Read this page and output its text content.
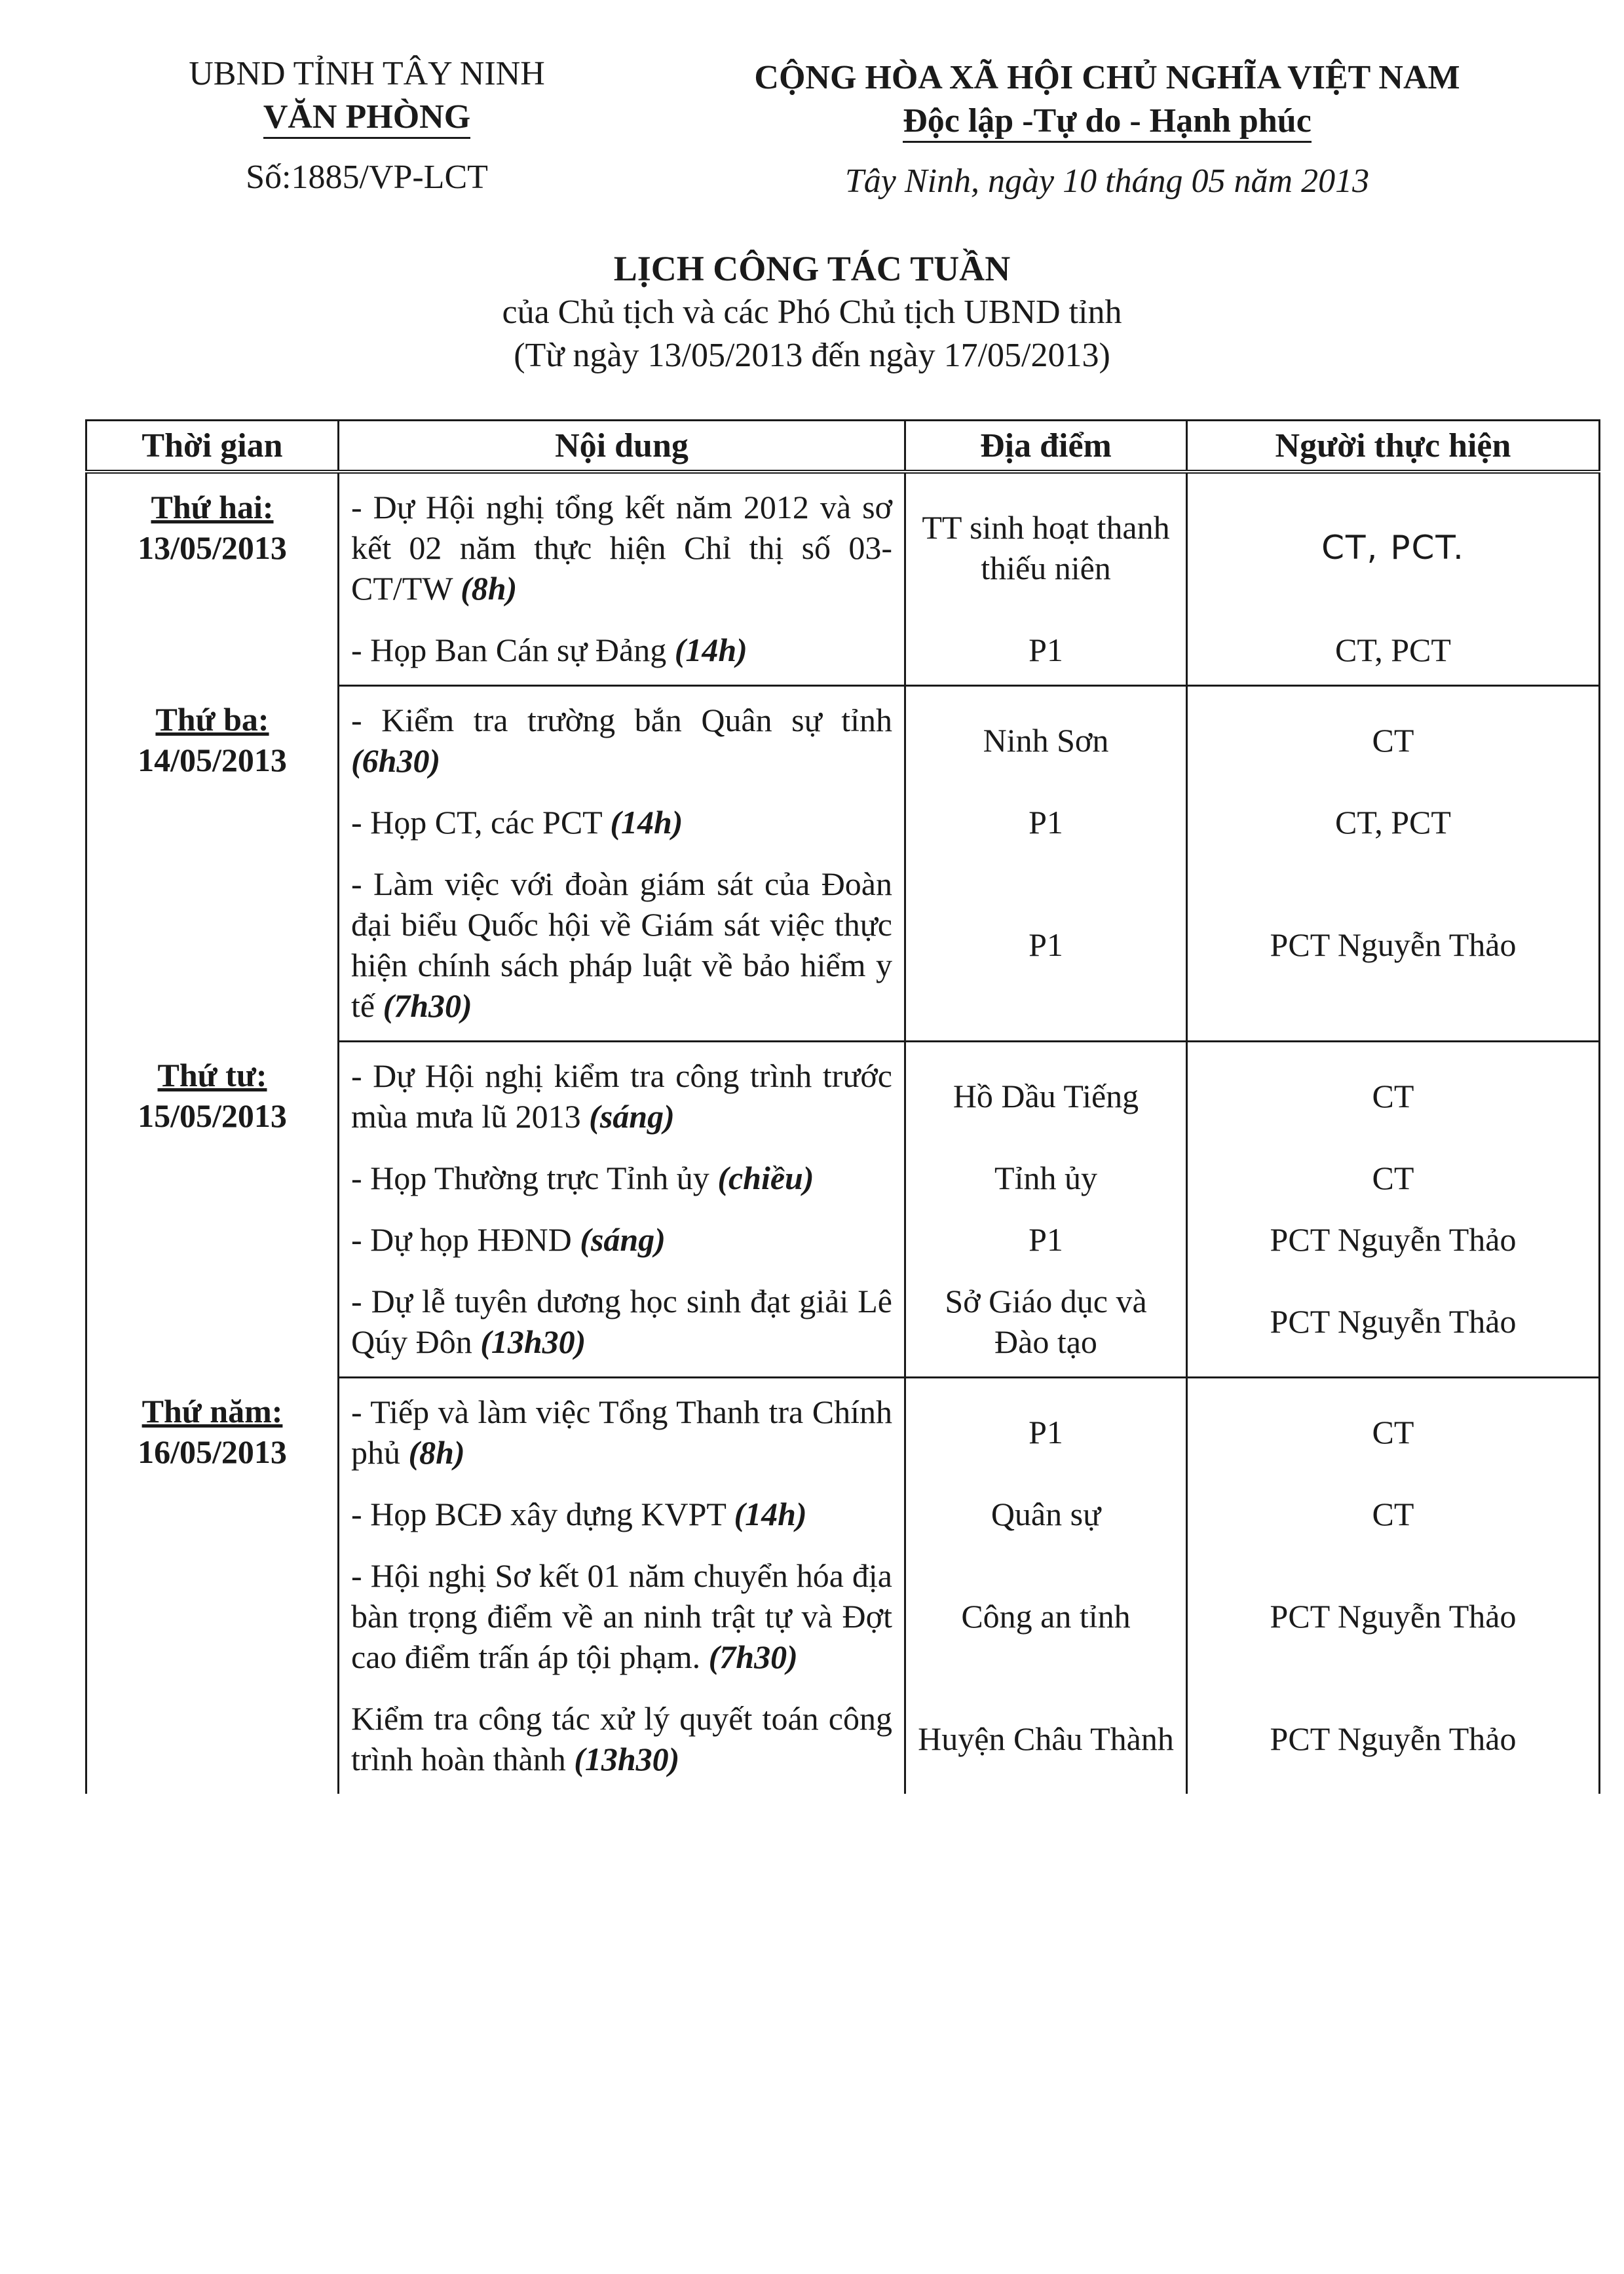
UBND TỈNH TÂY NINH
VĂN PHÒNG
Số:1885/VP-LCT
CỘNG HÒA XÃ HỘI CHỦ NGHĨA VIỆT NAM
Độc lập -Tự do - Hạnh phúc
Tây Ninh, ngày 10 tháng 05 năm 2013
LỊCH CÔNG TÁC TUẦN
của Chủ tịch và các Phó Chủ tịch UBND tỉnh
(Từ ngày 13/05/2013 đến ngày 17/05/2013)
Thời gian	Nội dung	Địa điểm	Người thực hiện

Thứ hai:
13/05/2013	- Dự Hội nghị tổng kết năm 2012 và sơ kết 02 năm thực hiện Chỉ thị số 03-CT/TW (8h)	TT sinh hoạt thanh thiếu niên	CT, PCT.
	- Họp Ban Cán sự Đảng (14h)	P1	CT, PCT

Thứ ba:
14/05/2013	- Kiểm tra trường bắn Quân sự tỉnh (6h30)	Ninh Sơn	CT
	- Họp CT, các PCT (14h)	P1	CT, PCT
	- Làm việc với đoàn giám sát của Đoàn đại biểu Quốc hội về Giám sát việc thực hiện chính sách pháp luật về bảo hiểm y tế (7h30)	P1	PCT Nguyễn Thảo

Thứ tư:
15/05/2013	- Dự Hội nghị kiểm tra công trình trước mùa mưa lũ 2013 (sáng)	Hồ Dầu Tiếng	CT
	- Họp Thường trực Tỉnh ủy (chiều)	Tỉnh ủy	CT
	- Dự họp HĐND (sáng)	P1	PCT Nguyễn Thảo
	- Dự lễ tuyên dương học sinh đạt giải Lê Qúy Đôn (13h30)	Sở Giáo dục và Đào tạo	PCT Nguyễn Thảo

Thứ năm:
16/05/2013	- Tiếp và làm việc Tổng Thanh tra Chính phủ (8h)	P1	CT
	- Họp BCĐ xây dựng KVPT (14h)	Quân sự	CT
	- Hội nghị Sơ kết 01 năm chuyển hóa địa bàn trọng điểm về an ninh trật tự và Đợt cao điểm trấn áp tội phạm. (7h30)	Công an tỉnh	PCT Nguyễn Thảo
	Kiểm tra công tác xử lý quyết toán công trình hoàn thành (13h30)	Huyện Châu Thành	PCT Nguyễn Thảo
